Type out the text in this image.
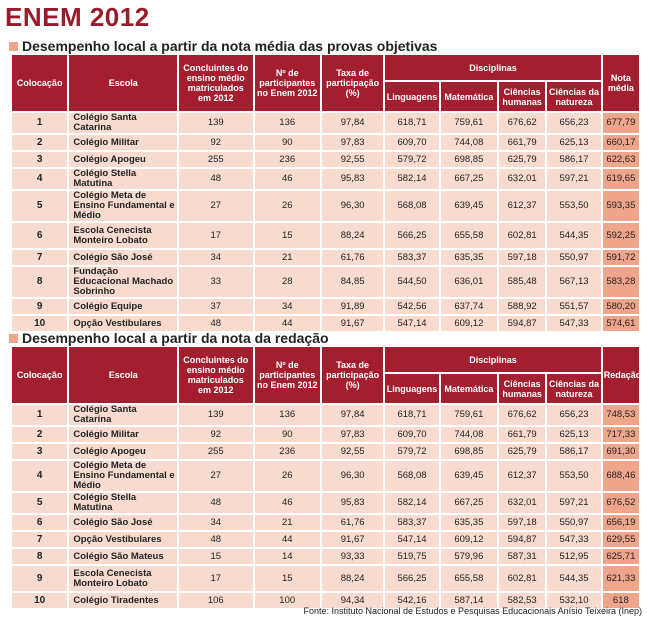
ENEM 2012
Desempenho local a partir da nota média das provas objetivas
Colocação	Escola	Concluintes do ensino médio matriculados em 2012	Nº de participantes no Enem 2012	Taxa de participação (%)	Disciplinas				Nota média
					Linguagens	Matemática	Ciências humanas	Ciências da natureza	
1	Colégio Santa Catarina	139	136	97,84	618,71	759,61	676,62	656,23	677,79
2	Colégio Militar	92	90	97,83	609,70	744,08	661,79	625,13	660,17
3	Colégio Apogeu	255	236	92,55	579,72	698,85	625,79	586,17	622,63
4	Colégio Stella Matutina	48	46	95,83	582,14	667,25	632,01	597,21	619,65
5	Colégio Meta de Ensino Fundamental e Médio	27	26	96,30	568,08	639,45	612,37	553,50	593,35
6	Escola Cenecista Monteiro Lobato	17	15	88,24	566,25	655,58	602,81	544,35	592,25
7	Colégio São José	34	21	61,76	583,37	635,35	597,18	550,97	591,72
8	Fundação Educacional Machado Sobrinho	33	28	84,85	544,50	636,01	585,48	567,13	583,28
9	Colégio Equipe	37	34	91,89	542,56	637,74	588,92	551,57	580,20
10	Opção Vestibulares	48	44	91,67	547,14	609,12	594,87	547,33	574,61
Desempenho local a partir da nota da redação
Colocação	Escola	Concluintes do ensino médio matriculados em 2012	Nº de participantes no Enem 2012	Taxa de participação (%)	Disciplinas				Redação
					Linguagens	Matemática	Ciências humanas	Ciências da natureza	
1	Colégio Santa Catarina	139	136	97,84	618,71	759,61	676,62	656,23	748,53
2	Colégio Militar	92	90	97,83	609,70	744,08	661,79	625,13	717,33
3	Colégio Apogeu	255	236	92,55	579,72	698,85	625,79	586,17	691,30
4	Colégio Meta de Ensino Fundamental e Médio	27	26	96,30	568,08	639,45	612,37	553,50	688,46
5	Colégio Stella Matutina	48	46	95,83	582,14	667,25	632,01	597,21	676,52
6	Colégio São José	34	21	61,76	583,37	635,35	597,18	550,97	656,19
7	Opção Vestibulares	48	44	91,67	547,14	609,12	594,87	547,33	629,55
8	Colégio São Mateus	15	14	93,33	519,75	579,96	587,31	512,95	625,71
9	Escola Cenecista Monteiro Lobato	17	15	88,24	566,25	655,58	602,81	544,35	621,33
10	Colégio Tiradentes	106	100	94,34	542,16	587,14	582,53	532,10	618
Fonte: Instituto Nacional de Estudos e Pesquisas Educacionais Anísio Teixeira (Inep)
